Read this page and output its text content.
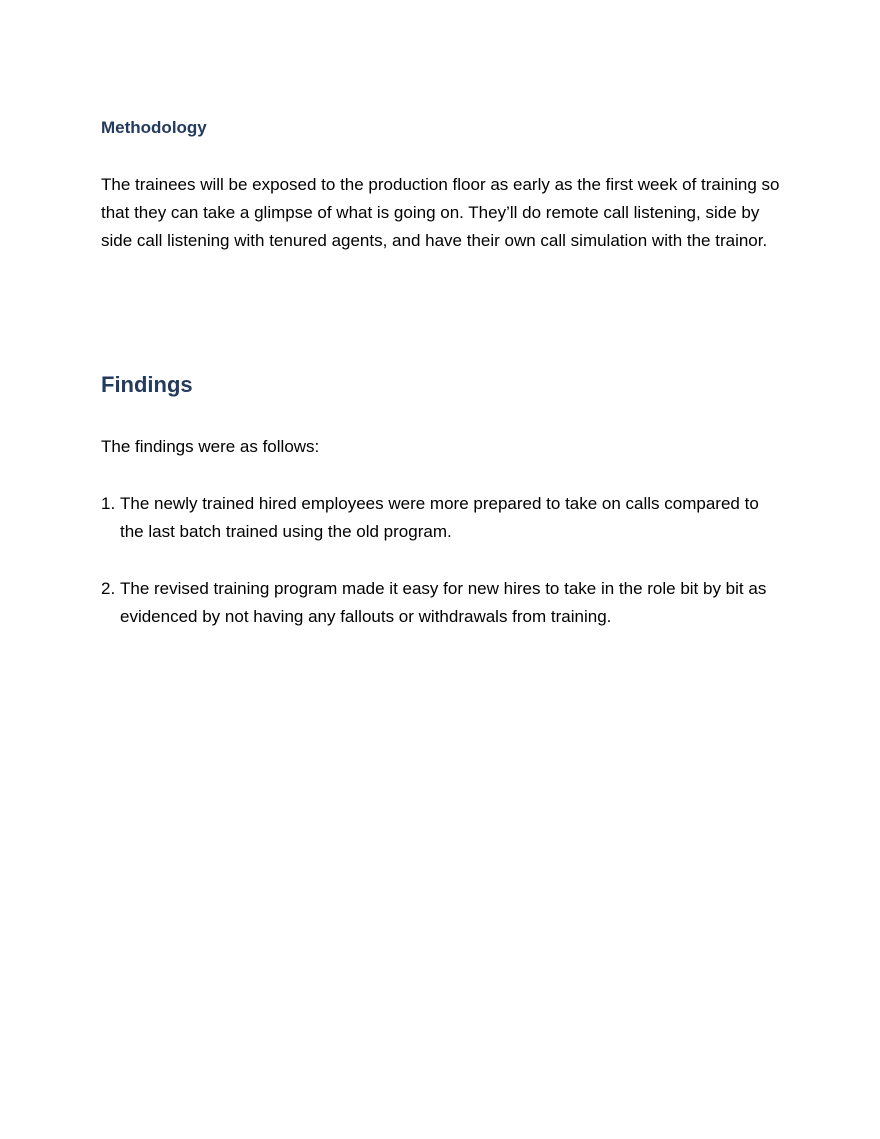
Methodology

The trainees will be exposed to the production floor as early as the first week of training so that they can take a glimpse of what is going on. They’ll do remote call listening, side by side call listening with tenured agents, and have their own call simulation with the trainor.

Findings

The findings were as follows:

1. The newly trained hired employees were more prepared to take on calls compared to the last batch trained using the old program.
2. The revised training program made it easy for new hires to take in the role bit by bit as evidenced by not having any fallouts or withdrawals from training.
